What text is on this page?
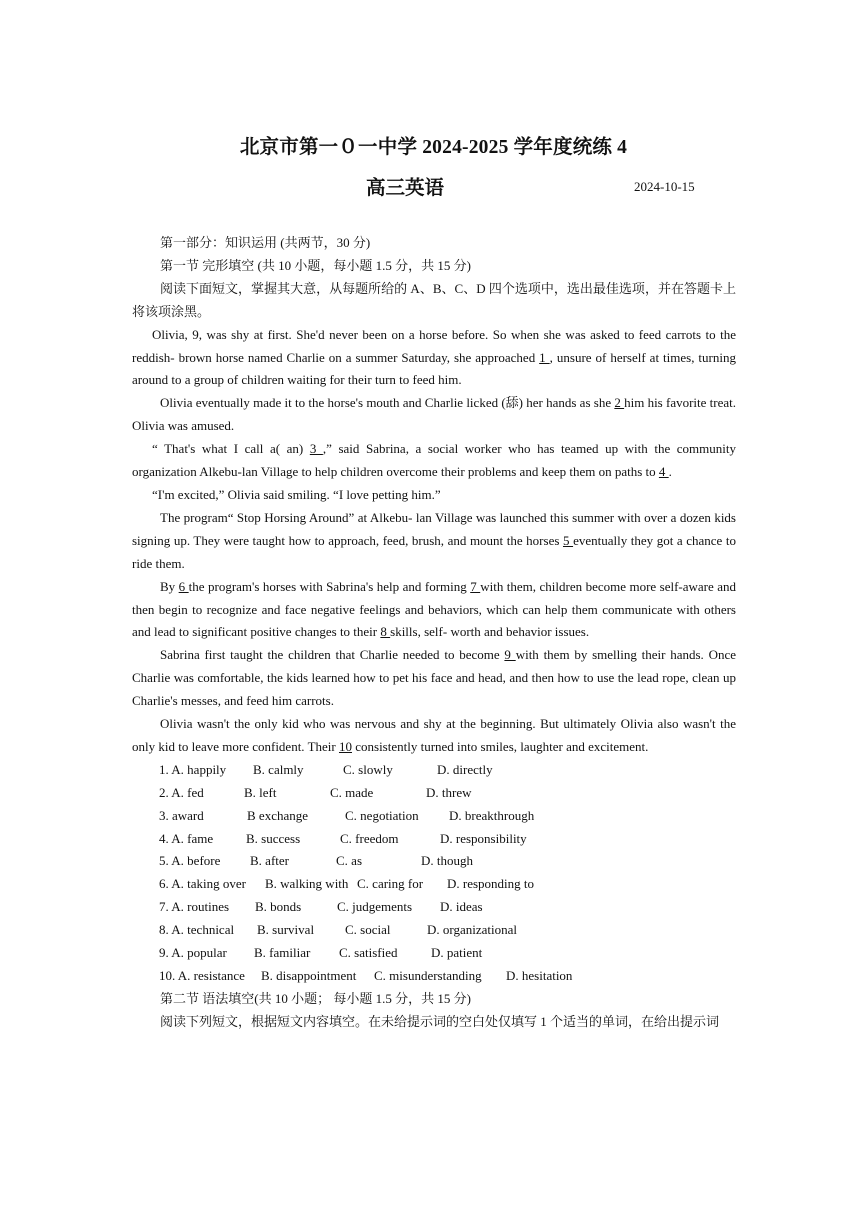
北京市第一０一中学 2024-2025 学年度统练 4
高三英语	2024-10-15

第一部分：知识运用 (共两节，30 分)

第一节 完形填空 (共 10 小题，每小题 1.5 分，共 15 分)

阅读下面短文，掌握其大意，从每题所给的 A、B、C、D 四个选项中，选出最佳选项，并在答题卡上将该项涂黑。

Olivia, 9, was shy at first. She'd never been on a horse before. So when she was asked to feed carrots to the reddish- brown horse named Charlie on a summer Saturday, she approached 1 , unsure of herself at times, turning around to a group of children waiting for their turn to feed him.

Olivia eventually made it to the horse's mouth and Charlie licked (舔) her hands as she 2 him his favorite treat. Olivia was amused.

“ That's what I call a( an) 3 ,” said Sabrina, a social worker who has teamed up with the community organization Alkebu-lan Village to help children overcome their problems and keep them on paths to 4 .

“I'm excited,” Olivia said smiling. “I love petting him.”

The program“ Stop Horsing Around” at Alkebu- lan Village was launched this summer with over a dozen kids signing up. They were taught how to approach, feed, brush, and mount the horses 5 eventually they got a chance to ride them.

By 6 the program's horses with Sabrina's help and forming 7 with them, children become more self-aware and then begin to recognize and face negative feelings and behaviors, which can help them communicate with others and lead to significant positive changes to their 8 skills, self- worth and behavior issues.

Sabrina first taught the children that Charlie needed to become 9 with them by smelling their hands. Once Charlie was comfortable, the kids learned how to pet his face and head, and then how to use the lead rope, clean up Charlie's messes, and feed him carrots.

Olivia wasn't the only kid who was nervous and shy at the beginning. But ultimately Olivia also wasn't the only kid to leave more confident. Their 10 consistently turned into smiles, laughter and excitement.

1. A. happily B. calmly	C. slowly	D. directly
2. A. fed	B. left	C. made	D. threw
3. award	B exchange	C. negotiation D. breakthrough
4. A. fame	B. success	C. freedom	D. responsibility
5. A. before B. after	C. as	D. though
6. A. taking over B. walking with C. caring for D. responding to
7. A. routines B. bonds	C. judgements D. ideas
8. A. technical B. survival C. social	D. organizational
9. A. popular B. familiar C. satisfied	D. patient
10. A. resistance B. disappointment C. misunderstanding D. hesitation

第二节 语法填空(共 10 小题； 每小题 1.5 分，共 15 分)

阅读下列短文，根据短文内容填空。在未给提示词的空白处仅填写 1 个适当的单词，在给出提示词
